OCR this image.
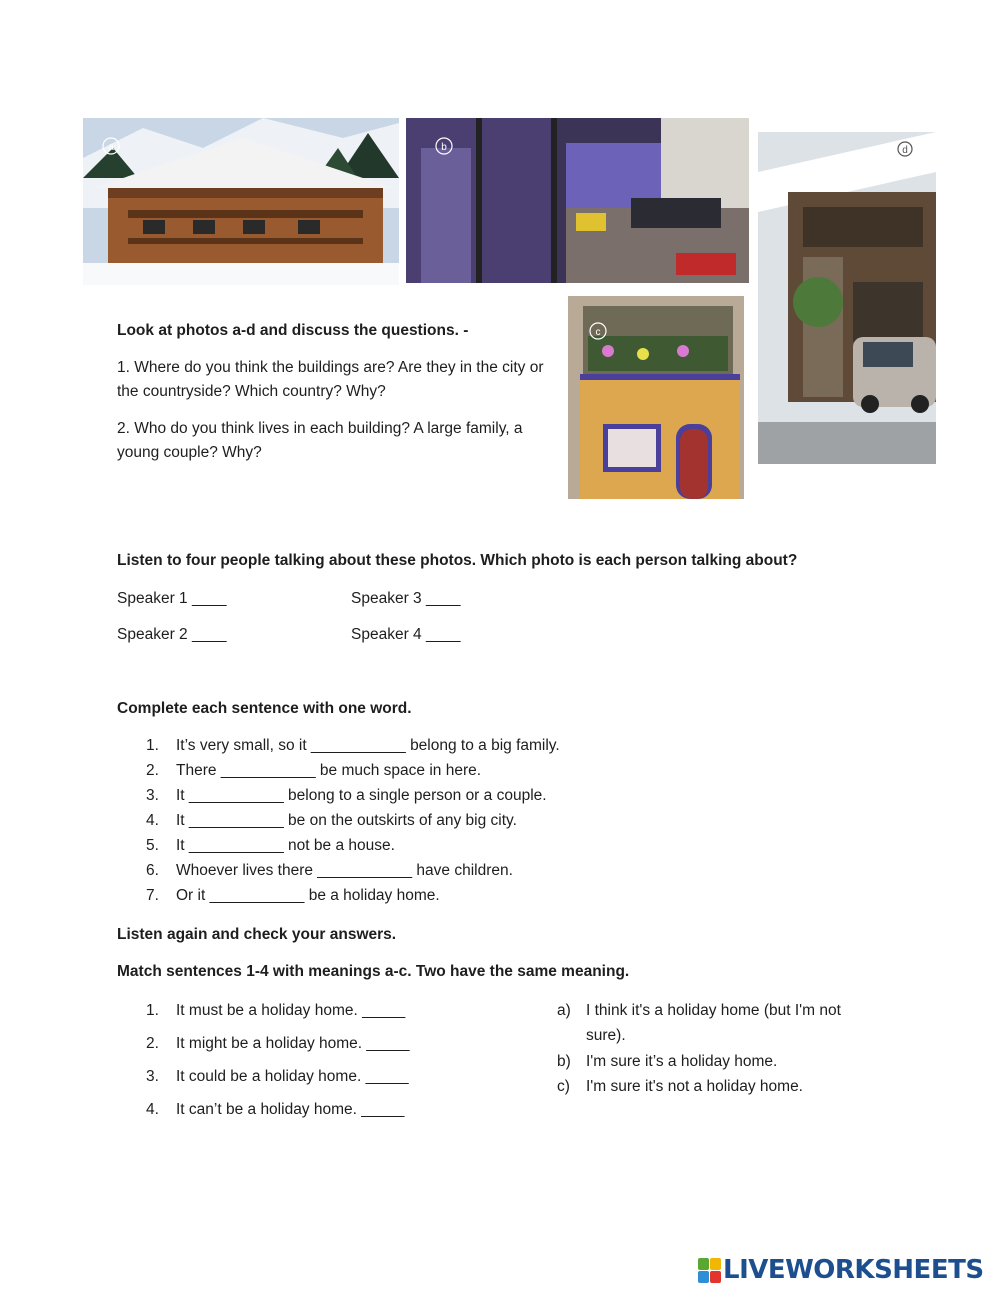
a	b	d
c
Look at photos a-d and discuss the questions. -
1. Where do you think the buildings are? Are they in the city or the countryside? Which country? Why?
2. Who do you think lives in each building? A large family, a young couple? Why?
Listen to four people talking about these photos. Which photo is each person talking about?
Speaker 1 ____
Speaker 2 ____
Speaker 3 ____
Speaker 4 ____
Complete each sentence with one word.
1. It’s very small, so it ___________ belong to a big family.
2. There ___________ be much space in here.
3. It ___________ belong to a single person or a couple.
4. It ___________ be on the outskirts of any big city.
5. It ___________ not be a house.
6. Whoever lives there ___________ have children.
7. Or it ___________ be a holiday home.
Listen again and check your answers.
Match sentences 1-4 with meanings a-c. Two have the same meaning.
1. It must be a holiday home. _____
2. It might be a holiday home. _____
3. It could be a holiday home. _____
4. It can’t be a holiday home. _____
a) I think it's a holiday home (but I'm not sure).
b) I'm sure it’s a holiday home.
c) I'm sure it's not a holiday home.
LIVEWORKSHEETS
